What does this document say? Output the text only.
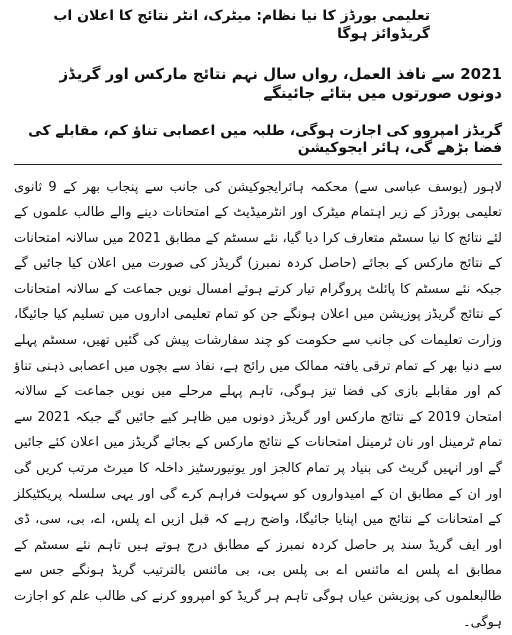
تعلیمی بورڈز کا نیا نظام: میٹرک، انٹر نتائج کا اعلان اب گریڈوائز ہوگا
2021 سے نافذ العمل، رواں سال نہم نتائج مارکس اور گریڈز دونوں صورتوں میں بتائے جائینگے
گریڈز امپروو کی اجازت ہوگی، طلبہ میں اعصابی تناؤ کم، مقابلے کی فضا بڑھے گی، ہائر ایجوکیشن
لاہور (یوسف عباسی سے) محکمہ ہائرایجوکیشن کی جانب سے پنجاب بھر کے 9 ثانوی تعلیمی بورڈز کے زیر اہتمام میٹرک اور انٹرمیڈیٹ کے امتحانات دینے والے طالب علموں کے لئے نتائج کا نیا سسٹم متعارف کرا دیا گیا، نئے سسٹم کے مطابق 2021 میں سالانہ امتحانات کے نتائج مارکس کے بجائے (حاصل کردہ نمبرز) گریڈز کی صورت میں اعلان کیا جائیں گے جبکہ نئے سسٹم کا پائلٹ پروگرام تیار کرتے ہوئے امسال نویں جماعت کے سالانہ امتحانات کے نتائج گریڈز پوزیشن میں اعلان ہونگے جن کو تمام تعلیمی اداروں میں تسلیم کیا جائیگا، وزارت تعلیمات کی جانب سے حکومت کو چند سفارشات پیش کی گئیں تھیں، سسٹم پہلے سے دنیا بھر کے تمام ترقی یافتہ ممالک میں رائج ہے، نفاذ سے بچوں میں اعصابی ذہنی تناؤ کم اور مقابلے بازی کی فضا تیز ہوگی، تاہم پہلے مرحلے میں نویں جماعت کے سالانہ امتحان 2019 کے نتائج مارکس اور گریڈز دونوں میں ظاہر کیے جائیں گے جبکہ 2021 سے تمام ٹرمینل اور نان ٹرمینل امتحانات کے نتائج مارکس کے بجائے گریڈز میں اعلان کئے جائیں گے اور انہیں گریٹ کی بنیاد پر تمام کالجز اور یونیورسٹیز داخلہ کا میرٹ مرتب کریں گی اور ان کے مطابق ان کے امیدواروں کو سہولت فراہم کرے گی اور یہی سلسلہ پریکٹیکلز کے امتحانات کے نتائج میں اپنایا جائیگا، واضح رہے کہ قبل ازیں اے پلس، اے، بی، سی، ڈی اور ایف گریڈ سند پر حاصل کردہ نمبرز کے مطابق درج ہوتے ہیں تاہم نئے سسٹم کے مطابق اے پلس اے مائنس اے بی پلس بی، بی مائنس بالترتیب گریڈ ہونگے جس سے طالبعلموں کی پوزیشن عیاں ہوگی تاہم ہر گریڈ کو امپروو کرنے کی طالب علم کو اجازت ہوگی۔
